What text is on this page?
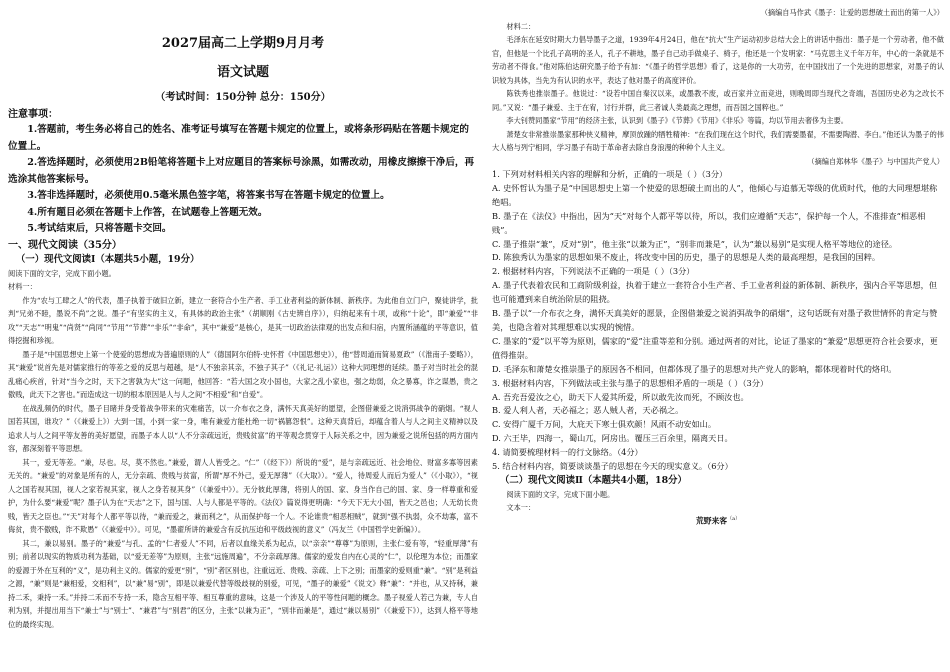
2027届高二上学期9月月考
语文试题
（考试时间：150分钟 总分：150分）

注意事项：

1.答题前，考生务必将自己的姓名、准考证号填写在答题卡规定的位置上，或将条形码贴在答题卡规定的位置上。

2.答选择题时，必须使用2B铅笔将答题卡上对应题目的答案标号涂黑，如需改动，用橡皮擦擦干净后，再选涂其他答案标号。

3.答非选择题时，必须使用0.5毫米黑色签字笔，将答案书写在答题卡规定的位置上。

4.所有题目必须在答题卡上作答，在试题卷上答题无效。

5.考试结束后，只将答题卡交回。

一、现代文阅读（35分）

（一）现代文阅读Ⅰ（本题共5小题，19分）

阅读下面的文字，完成下面小题。

材料一：

作为“农与工肆之人”的代表，墨子执着于破旧立新，建立一套符合小生产者、手工业者利益的新体制、新秩序。为此他自立门户，聚徒讲学，批判“兄弟不睦，墨说不尚”之说。墨子“有坚实的主义，有具体的政治主张”（胡顺刚《古史辨自序》），归纳起来有十项，或称“十论”，即“兼爱”“非攻”“天志”“明鬼”“尚贤”“尚同”“节用”“节葬”“非乐”“非命”，其中“兼爱”是核心，是其一切政治法律观的出发点和归宿，内置所涵蕴的平等意识，值得挖掘和珍视。

墨子是“中国思想史上第一个使爱的思想成为普遍原则的人”（德国阿尔伯特·史怀哲《中国思想史》），他“替周道而简易夏政”（《淮南子·要略》），其“兼爱”说首先是对儒家推行的等差之爱的反思与超越，是“人不独亲其亲，不独子其子”（《礼记·礼运》）这种大同理想的延续。墨子对当时社会的混乱痛心疾首，针对“当今之时，天下之害孰为大”这一问题，他回答：“若大国之攻小国也，大家之乱小家也，强之劫弱，众之暴寡，诈之谋愚，贵之傲贱，此天下之害也。”而造成这一切的根本原因是人与人之间“不相爱”和“自爱”。

在战乱频仍的时代，墨子目睹并身受着战争带来的灾难痛苦，以一介布衣之身，满怀天真美好的愿望，企图借兼爱之说消弭战争的硝烟。“视人国若其国，谁攻？”（《兼爱上》）大到一国，小到一家一身，唯有兼爱方能杜绝一切“祸篡怨恨”。这种天真背后，却蕴含着人与人之间主义精神以及追求人与人之间平等友善的美好愿望，而墨子本人以“人不分亲疏远近，贵贱贫富”的平等观念贯穿于人际关系之中，因为兼爱之说所包括的两方面内容，都深刻着平等思想。

其一，爱无等差。“兼，尽也。尽，莫不然也。”兼爱，谓人人皆受之。“仁”（《经下》）所说的“爱”，是与亲疏远近、社会地位、财富多寡等因素无关的。“兼爱”的对象是所有的人，无分亲疏、贵贱与贫富，所谓“厚不外己，爱无厚薄”（《大取》）。“爱人，待周爱人而后为爱人”（《小取》），“视人之国若视其国，视人之家若视其家，视人之身若视其身”（《兼爱中》）。无分彼此厚薄，将别人的国、家、身当作自己的国、家、身一样尊重和爱护，为什么要“兼爱”呢？墨子认为在“天志”之下，国与国、人与人都是平等的。《法仪》篇说得更明确：“今天下无大小国，皆天之邑也；人无幼长贵贱，皆天之臣也。”“天”对每个人都平等以待，“兼而爱之，兼而利之”，从而保护每一个人。不论谁贵“相恶相贼”，就到“强不执弱，众不劫寡，富不侮贫，贵不傲贱，诈不欺愚”（《兼爱中》）。可见，“墨翟所讲的兼爱含有反抗压迫和平级歧视的意义”（冯友兰《中国哲学史新编》）。

其二，兼以易别。墨子的“兼爱”与孔、孟的“仁者爱人”不同，后者以血缘关系为起点，以“亲亲”“尊尊”为原则，主张仁爱有等，“轻重厚薄”有别；前者以现实的物质功利为基础，以“爱无差等”为原则，主张“远施周遍”，不分亲疏厚薄。儒家的爱发自内在心灵的“仁”，以伦理为本位；而墨家的爱源于外在互利的“义”，是功利主义的。儒家的爱更“别”，“别”者区别也，注重远近、贵贱、亲疏、上下之别；而墨家的爱则重“兼”。“别”是利益之源，“兼”则是“兼相爱，交相利”，以“兼”易“别”，即是以兼爱代替等级歧视的别爱，可见，“墨子的兼爱”《说文》释“兼”：“并也，从又持秝，兼持二禾，秉持一禾。”并持二禾而不专持一禾，隐含互相平等、相互尊重的意味，这是一个涉及人的平等性问题的概念。墨子视爱人若己为兼，专人自利为别，并提出用当下“兼士”与“别士”、“兼君”与“别君”的区分，主张“以兼为正”，“别非而兼是”，通过“兼以易别”（《兼爱下》），达到人格平等地位的最终实现。

（摘编自马作武《墨子：让爱的思想破土而出的第一人》）

材料二：

毛泽东在延安时期大力倡导墨子之道，1939年4月24日，他在“抗大”生产运动初步总结大会上的讲话中指出：墨子是一个劳动者，他不做官，但他是一个比孔子高明的圣人，孔子不耕地，墨子自己动手做桌子、椅子，他还是一个发明家：“马克思主义千年万年，中心的一条就是不劳动者不得食。”他对陈伯达研究墨子给予有加：“《墨子的哲学思想》看了，这是你的一大功劳，在中国找出了一个先进的思想家，对墨子的认识较为具体，当先为有认识的水平，表达了他对墨子的高度评价。

陈铁秀也推崇墨子。他说过：“设若中国自秦汉以来，或墨教不废，或百家并立而竞进，则晚周即当现代之奇端，吾国历史必为之改长不同。”又说：“墨子兼爱、主于在宥，讨行并群，此三者诚人类最高之理想，而吾国之国粹也。”

李大钊赞同墨家“节用”的经济主张，认识到《墨子》《节葬》《节用》《非乐》等篇，均以节用去奢侈为主要。

萧楚女非常推崇墨家那种侠义精神，摩顶放踵的牺牲精神：“在我们现在这个时代，我们需要墨翟，不需要陶潜、李白。”他还认为墨子的伟大人格与列宁相同，学习墨子有助于革命者去除自身浪漫的种种个人主义。

（摘编自郑林华《墨子》与中国共产党人）

1. 下列对材料相关内容的理解和分析，正确的一项是（ ）（3分）

A. 史怀哲认为墨子是“中国思想史上第一个使爱的思想破土而出的人”，他倾心与追慕无等级的优质时代，他的大同理想堪称绝唱。

B. 墨子在《法仪》中指出，因为“天”对每个人都平等以待，所以，我们应遵循“天志”，保护每一个人，不准排查“相恶相贱”。

C. 墨子推崇“兼”，反对“别”，他主张“以兼为正”，“别非而兼是”，认为“兼以易别”是实现人格平等地位的途径。

D. 陈独秀认为墨家的思想如果不废止，将改变中国的历史，墨子的思想是人类的最高理想，是我国的国粹。

2. 根据材料内容，下列说法不正确的一项是（ ）（3分）

A. 墨子代表着农民和工商阶级利益，执着于建立一套符合小生产者、手工业者利益的新体制、新秩序，强内合平等思想，但也可能遭到来自统治阶层的阻挠。

B. 墨子以“一介布衣之身，满怀天真美好的愿景，企图借兼爱之说消弭战争的硝烟”，这句话既有对墨子救世情怀的肯定与赞美，也隐含着对其理想难以实现的惋惜。

C. 墨家的“爱”以平等为原则，儒家的“爱”注重等差和分别。通过两者的对比，论证了墨家的“兼爱”思想更符合社会要求，更值得推崇。

D. 毛泽东和萧楚女推崇墨子的原因各不相同，但都体现了墨子的思想对共产党人的影响，都体现着时代的烙印。

3. 根据材料内容，下列做法或主张与墨子的思想相矛盾的一项是（ ）（3分）

A. 吾充吾爱汝之心，助天下人爱其所爱，所以敢先汝而死，不顾汝也。

B. 爱人利人者，天必福之；恶人贼人者，天必祸之。

C. 安得广厦千万间，大庇天下寒士俱欢颜！风雨不动安如山。

D. 六王毕，四海一，蜀山兀，阿房出。覆压三百余里，隔离天日。

4. 请简要梳理材料一的行文脉络。（4分）

5. 结合材料内容，简要谈谈墨子的思想在今天的现实意义。（6分）

（二）现代文阅读Ⅱ（本题共4小题，18分）

阅读下面的文字，完成下面小题。

文本一：

荒野来客$^{(a)}$
